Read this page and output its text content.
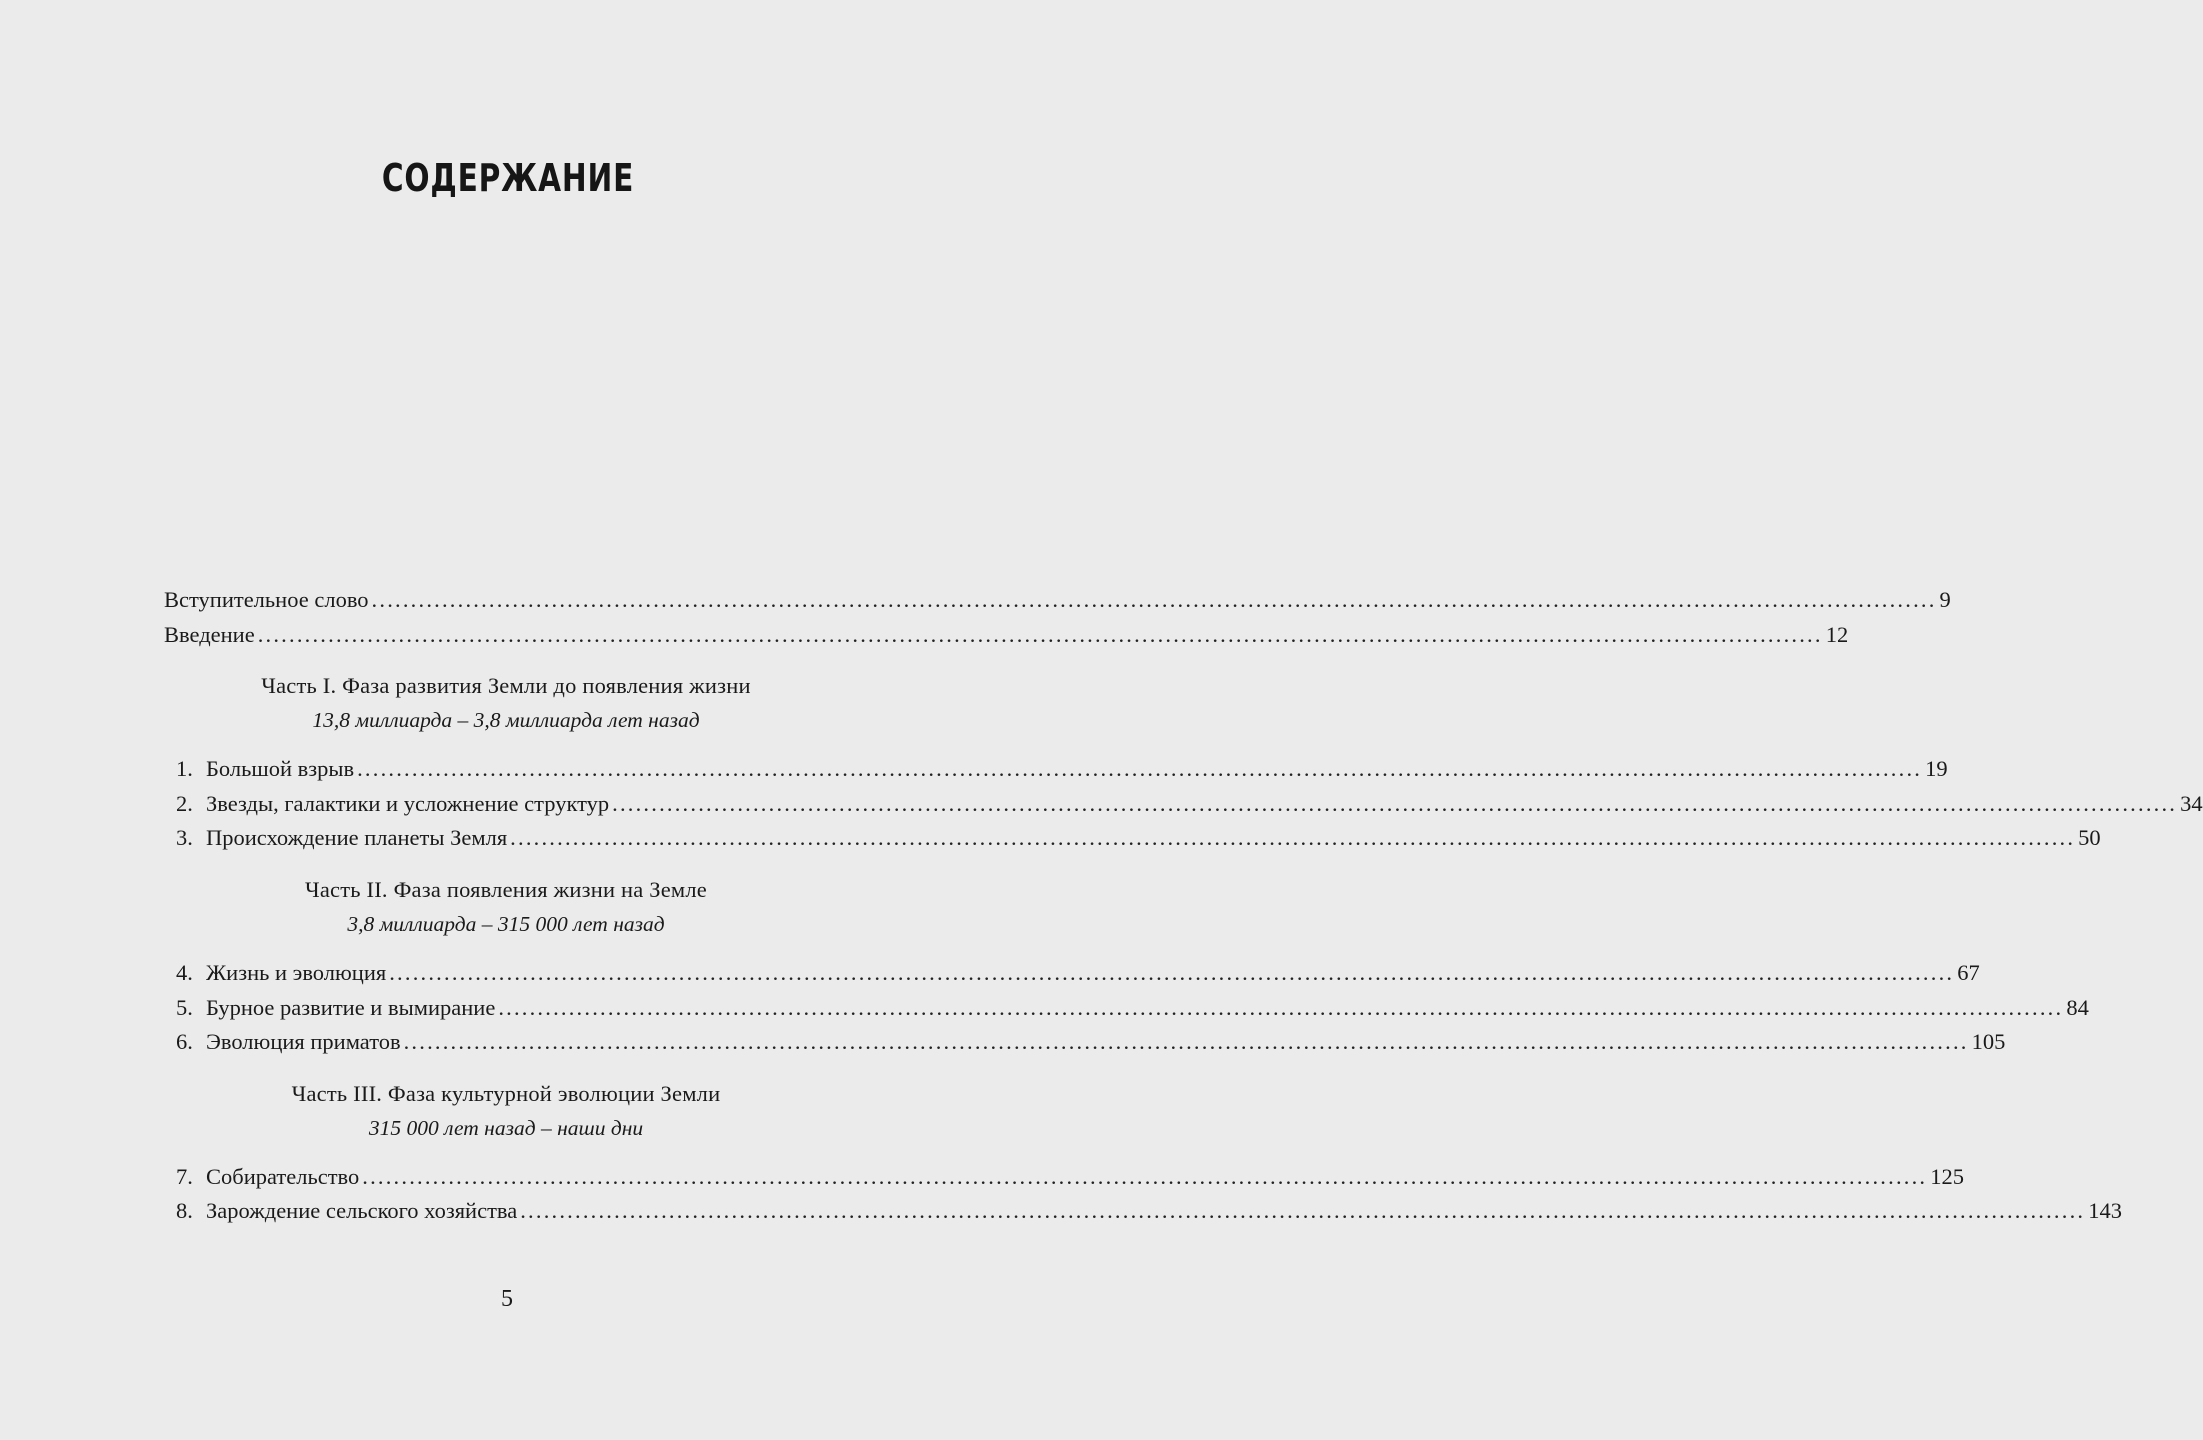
СОДЕРЖАНИЕ
Вступительное слово ........................................................................................................................................................................................................ 9
Введение ........................................................................................................................................................................................................ 12
Часть I. Фаза развития Земли до появления жизни
13,8 миллиарда – 3,8 миллиарда лет назад
1. Большой взрыв ........................................................................................................................................................................................................ 19
2. Звезды, галактики и усложнение структур ........................................................................................................................................................................................................ 34
3. Происхождение планеты Земля ........................................................................................................................................................................................................ 50
Часть II. Фаза появления жизни на Земле
3,8 миллиарда – 315 000 лет назад
4. Жизнь и эволюция ........................................................................................................................................................................................................ 67
5. Бурное развитие и вымирание ........................................................................................................................................................................................................ 84
6. Эволюция приматов ........................................................................................................................................................................................................ 105
Часть III. Фаза культурной эволюции Земли
315 000 лет назад – наши дни
7. Собирательство ........................................................................................................................................................................................................ 125
8. Зарождение сельского хозяйства ........................................................................................................................................................................................................ 143
5
